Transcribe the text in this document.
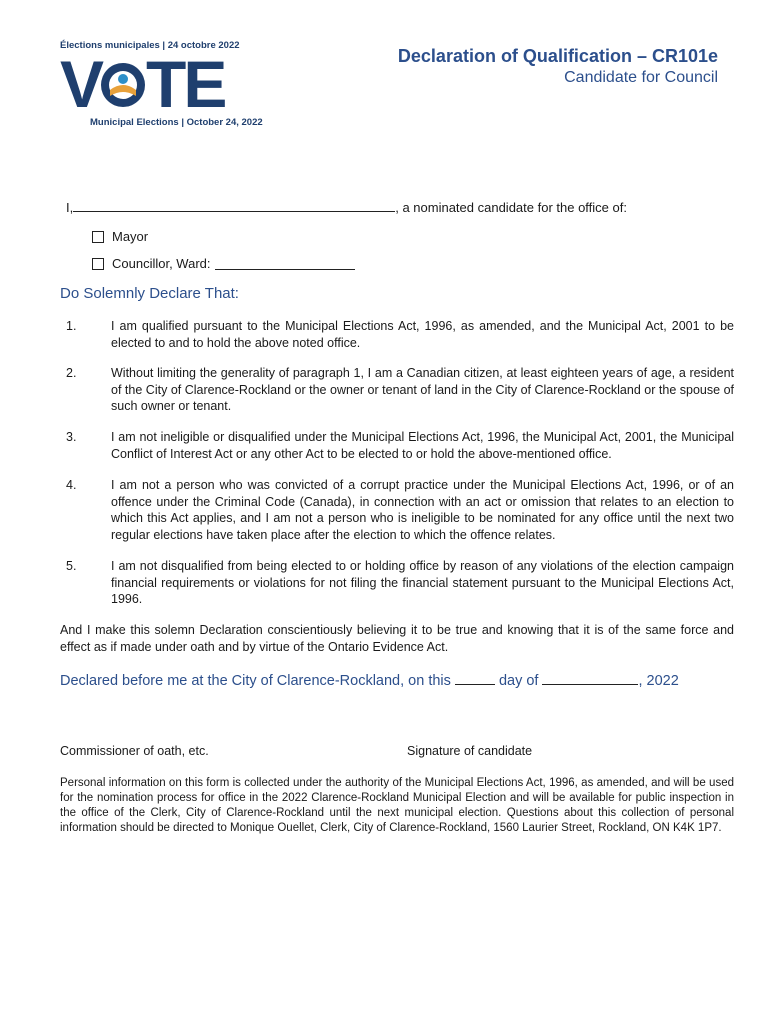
Élections municipales | 24 octobre 2022
V TE
Municipal Elections | October 24, 2022
Declaration of Qualification – CR101e
Candidate for Council
I,	, a nominated candidate for the office of:
Mayor
Councillor, Ward:
Do Solemnly Declare That:
1.	I am qualified pursuant to the Municipal Elections Act, 1996, as amended, and the Municipal Act, 2001 to be elected to and to hold the above noted office.
2.	Without limiting the generality of paragraph 1, I am a Canadian citizen, at least eighteen years of age, a resident of the City of Clarence-Rockland or the owner or tenant of land in the City of Clarence-Rockland or the spouse of such owner or tenant.
3.	I am not ineligible or disqualified under the Municipal Elections Act, 1996, the Municipal Act, 2001, the Municipal Conflict of Interest Act or any other Act to be elected to or hold the above-mentioned office.
4.	I am not a person who was convicted of a corrupt practice under the Municipal Elections Act, 1996, or of an offence under the Criminal Code (Canada), in connection with an act or omission that relates to an election to which this Act applies, and I am not a person who is ineligible to be nominated for any office until the next two regular elections have taken place after the election to which the offence relates.
5.	I am not disqualified from being elected to or holding office by reason of any violations of the election campaign financial requirements or violations for not filing the financial statement pursuant to the Municipal Elections Act, 1996.
And I make this solemn Declaration conscientiously believing it to be true and knowing that it is of the same force and effect as if made under oath and by virtue of the Ontario Evidence Act.
Declared before me at the City of Clarence-Rockland, on this	day of	, 2022
Commissioner of oath, etc.	Signature of candidate
Personal information on this form is collected under the authority of the Municipal Elections Act, 1996, as amended, and will be used for the nomination process for office in the 2022 Clarence-Rockland Municipal Election and will be available for public inspection in the office of the Clerk, City of Clarence-Rockland until the next municipal election. Questions about this collection of personal information should be directed to Monique Ouellet, Clerk, City of Clarence-Rockland, 1560 Laurier Street, Rockland, ON K4K 1P7.
